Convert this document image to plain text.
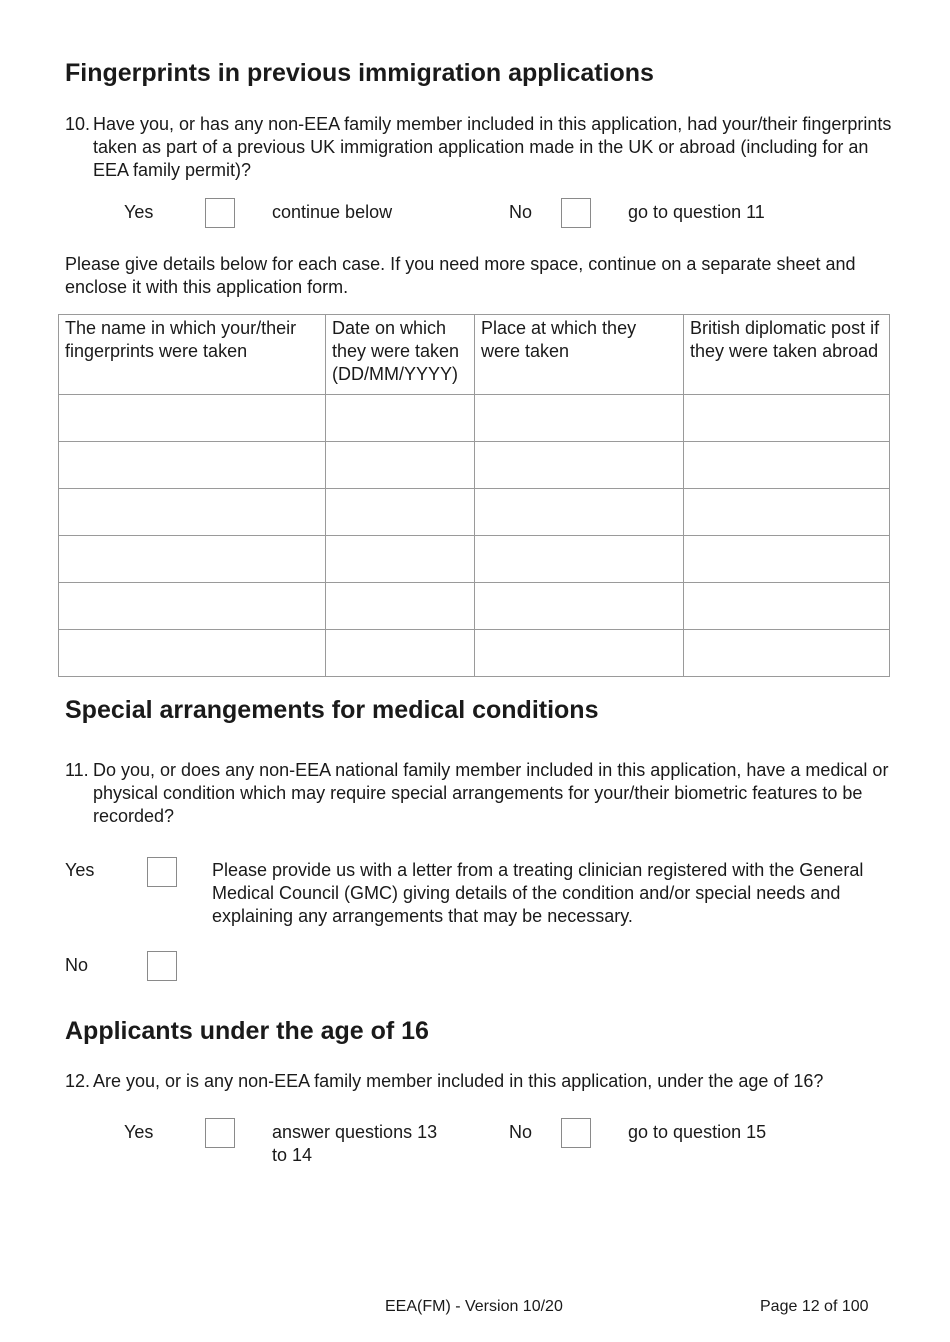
Fingerprints in previous immigration applications
10. Have you, or has any non-EEA family member included in this application, had your/their fingerprints taken as part of a previous UK immigration application made in the UK or abroad (including for an EEA family permit)?
Yes	continue below	No	go to question 11
Please give details below for each case. If you need more space, continue on a separate sheet and enclose it with this application form.
The name in which your/their fingerprints were taken	Date on which they were taken (DD/MM/YYYY)	Place at which they were taken	British diplomatic post if they were taken abroad

Special arrangements for medical conditions
11. Do you, or does any non-EEA national family member included in this application, have a medical or physical condition which may require special arrangements for your/their biometric features to be recorded?
Yes	Please provide us with a letter from a treating clinician registered with the General Medical Council (GMC) giving details of the condition and/or special needs and explaining any arrangements that may be necessary.
No
Applicants under the age of 16
12. Are you, or is any non-EEA family member included in this application, under the age of 16?
Yes	answer questions 13 to 14
No	go to question 15
EEA(FM) - Version 10/20	Page 12 of 100
